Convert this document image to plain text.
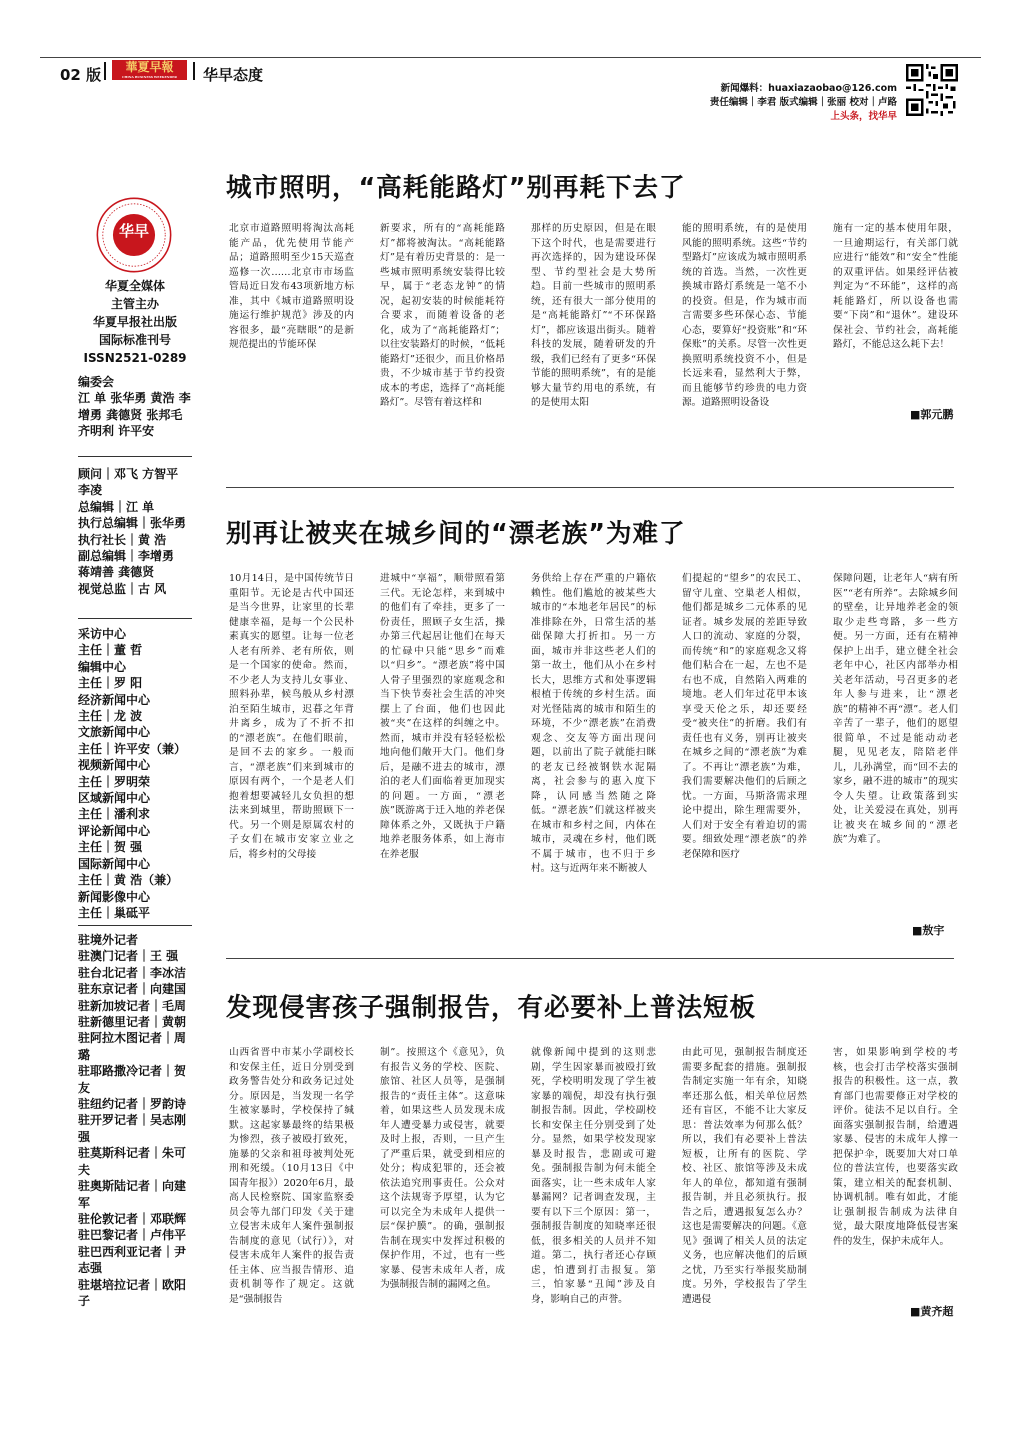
02 版	華夏早報
CHINA BUSINESS WEEKENDER	华早态度
新闻爆料：huaxiazaobao@126.com
责任编辑｜李君 版式编辑｜张丽 校对｜卢路
上头条，找华早
华早
华夏全媒体
主管主办
华夏早报社出版
国际标准刊号
ISSN2521-0289
编委会
江 单 张华勇 黄浩 李增勇 龚德贤 张邦毛 齐明利 许平安
顾问｜邓飞 方智平 李凌
总编辑｜江 单
执行总编辑｜张华勇
执行社长｜黄 浩
副总编辑｜李增勇
蒋靖善 龚德贤
视觉总监｜古 风
采访中心
主任｜董 哲
编辑中心
主任｜罗 阳
经济新闻中心
主任｜龙 波
文旅新闻中心
主任｜许平安（兼）
视频新闻中心
主任｜罗明荣
区域新闻中心
主任｜潘利求
评论新闻中心
主任｜贺 强
国际新闻中心
主任｜黄 浩（兼）
新闻影像中心
主任｜巢砥平
驻境外记者
驻澳门记者｜王 强
驻台北记者｜李冰洁
驻东京记者｜向建国
驻新加坡记者｜毛周
驻新德里记者｜黄朝
驻阿拉木图记者｜周璐
驻耶路撒冷记者｜贺友
驻纽约记者｜罗韵诗
驻开罗记者｜吴志刚强
驻莫斯科记者｜朱可夫
驻奥斯陆记者｜向建军
驻伦敦记者｜邓联辉
驻巴黎记者｜卢伟平
驻巴西利亚记者｜尹志强
驻堪培拉记者｜欧阳子
城市照明，“高耗能路灯”别再耗下去了
北京市道路照明将淘汰高耗能产品，优先使用节能产品；道路照明至少15天巡查巡修一次……北京市市场监管局近日发布43项新地方标准，其中《城市道路照明设施运行维护规范》涉及的内容很多，最“亮瞎眼”的是新规范提出的节能环保
新要求，所有的“高耗能路灯”都将被淘汰。“高耗能路灯”是有着历史背景的：是一些城市照明系统安装得比较早，属于“老态龙钟”的情况，起初安装的时候能耗符合要求，而随着设备的老化，成为了“高耗能路灯”；以往安装路灯的时候，“低耗能路灯”还很少，而且价格昂贵，不少城市基于节约投资成本的考虑，选择了“高耗能路灯”。尽管有着这样和
那样的历史原因，但是在眼下这个时代，也是需要进行再次选择的，因为建设环保型、节约型社会是大势所趋。目前一些城市的照明系统，还有很大一部分使用的是“高耗能路灯”“不环保路灯”，都应该退出街头。随着科技的发展，随着研发的升级，我们已经有了更多“环保节能的照明系统”，有的是能够大量节约用电的系统，有的是使用太阳
能的照明系统，有的是使用风能的照明系统。这些“节约型路灯”应该成为城市照明系统的首选。当然，一次性更换城市路灯系统是一笔不小的投资。但是，作为城市而言需要多些环保心态、节能心态，要算好“投资账”和“环保账”的关系。尽管一次性更换照明系统投资不小，但是长远来看，显然利大于弊，而且能够节约珍贵的电力资源。道路照明设备设
施有一定的基本使用年限，一旦逾期运行，有关部门就应进行“能效”和“安全”性能的双重评估。如果经评估被判定为“不环能”，这样的高耗能路灯，所以设备也需要“下岗”和“退休”。建设环保社会、节约社会，高耗能路灯，不能总这么耗下去！
■郭元鹏
别再让被夹在城乡间的“漂老族”为难了
10月14日，是中国传统节日重阳节。无论是古代中国还是当今世界，让家里的长辈健康幸福，是每一个公民朴素真实的愿望。让每一位老人老有所养、老有所依，则是一个国家的使命。然而，不少老人为支持儿女事业、照料孙辈，候鸟般从乡村漂泊至陌生城市，迟暮之年背井离乡，成为了不折不扣的“漂老族”。在他们眼前，是回不去的家乡。一般而言，“漂老族”们来到城市的原因有两个，一个是老人们抱着想要减轻儿女负担的想法来到城里，帮助照顾下一代。另一个则是原属农村的子女们在城市安家立业之后，将乡村的父母接
进城中“享福”，顺带照看第三代。无论怎样，来到城中的他们有了牵挂，更多了一份责任，照顾子女生活，操办第三代起居让他们在每天的忙碌中只能“思乡”而难以“归乡”。“漂老族”将中国人骨子里强烈的家庭观念和当下快节奏社会生活的冲突摆上了台面，他们也因此被“夹”在这样的纠缠之中。然而，城市并没有轻轻松松地向他们敞开大门。他们身后，是融不进去的城市，漂泊的老人们面临着更加现实的问题。一方面，“漂老族”既游离于迁入地的养老保障体系之外，又既执于户籍地养老服务体系，如上海市在养老服
务供给上存在严重的户籍依赖性。他们尴尬的被某些大城市的“本地老年居民”的标准排除在外，日常生活的基础保障大打折扣。另一方面，城市并非这些老人们的第一故土，他们从小在乡村长大，思维方式和处事逻辑根植于传统的乡村生活。面对光怪陆离的城市和陌生的环境，不少“漂老族”在消费观念、交友等方面出现问题，以前出了院子就能扫眯的老友已经被钢铁水泥隔离，社会参与的惠入度下降，认同感当然随之降低。“漂老族”们就这样被夹在城市和乡村之间，内体在城市，灵魂在乡村，他们既不属于城市，也不归于乡村。这与近两年来不断被人
们提起的“望乡”的农民工、留守儿童、空巢老人相似，他们都是城乡二元体系的见证者。城乡发展的差距导致人口的流动、家庭的分裂，而传统“和”的家庭观念又将他们粘合在一起，左也不是右也不成，自然陷入两难的境地。老人们年过花甲本该享受天伦之乐，却还要经受“被夹住”的折磨。我们有责任也有义务，别再让被夹在城乡之间的“漂老族”为难了。不再让“漂老族”为难，我们需要解决他们的后顾之忧。一方面，马斯洛需求理论中提出，除生理需要外，人们对于安全有着迫切的需要。细致处理“漂老族”的养老保障和医疗
保障问题，让老年人“病有所医”“老有所养”。去除城乡间的壁垒，让异地养老金的领取少走些弯路，多一些方便。另一方面，还有在精神保护上出手，建立健全社会老年中心，社区内部举办相关老年活动，号召更多的老年人参与进来，让“漂老族”的精神不再“漂”。老人们辛苦了一辈子，他们的愿望很简单，不过是能动动老腿，见见老友，陪陪老伴儿，儿孙满堂，而“回不去的家乡，融不进的城市”的现实令人失望。让政策落到实处，让关爱浸在真处，别再让被夹在城乡间的“漂老族”为难了。
■敖宇
发现侵害孩子强制报告，有必要补上普法短板
山西省晋中市某小学副校长和安保主任，近日分别受到政务警告处分和政务记过处分。原因是，当发现一名学生被家暴时，学校保持了缄默。这起家暴最终的结果极为惨烈，孩子被殴打致死，施暴的父亲和祖母被判处死刑和死缓。（10月13日《中国青年报》）2020年6月，最高人民检察院、国家监察委员会等九部门印发《关于建立侵害未成年人案件强制报告制度的意见（试行）》，对侵害未成年人案件的报告责任主体、应当报告情形、追责机制等作了规定。这就是“强制报告
制”。按照这个《意见》，负有报告义务的学校、医院、旅馆、社区人员等，是强制报告的“责任主体”。这意味着，如果这些人员发现未成年人遭受暴力或侵害，就要及时上报，否则，一旦产生了严重后果，就受到相应的处分；构成犯罪的，还会被依法追究刑事责任。公众对这个法规寄予厚望，认为它可以完全为未成年人提供一层“保护膜”。的确，强制报告制在现实中发挥过积极的保护作用，不过，也有一些家暴、侵害未成年人者，成为强制报告制的漏网之鱼。
就像新闻中提到的这则悲剧，学生因家暴而被殴打致死，学校明明发现了学生被家暴的端倪，却没有执行强制报告制。因此，学校副校长和安保主任分别受到了处分。显然，如果学校发现家暴及时报告，悲剧或可避免。强制报告制为何未能全面落实，让一些未成年人家暴漏网？记者调查发现，主要有以下三个原因：第一，强制报告制度的知晓率还很低，很多相关的人员并不知道。第二，执行者还心存顾虑，怕遭到打击报复。第三，怕家暴“丑闻”涉及自身，影响自己的声誉。
由此可见，强制报告制度还需要多配套的措施。强制报告制定实施一年有余，知晓率还那么低，相关单位居然还有盲区，不能不让大家反思：普法效率为何那么低？所以，我们有必要补上普法短板，让所有的医院、学校、社区、旅馆等涉及未成年人的单位，都知道有强制报告制，并且必须执行。报告之后，遭遇报复怎么办？这也是需要解决的问题。《意见》强调了相关人员的法定义务，也应解决他们的后顾之忧，乃至实行举报奖励制度。另外，学校报告了学生遭遇侵
害，如果影响到学校的考核，也会打击学校落实强制报告的积极性。这一点，教育部门也需要修正对学校的评价。徒法不足以自行。全面落实强制报告制，给遭遇家暴、侵害的未成年人撑一把保护伞，既要加大对口单位的普法宣传，也要落实政策，建立相关的配套机制、协调机制。唯有如此，才能让强制报告制成为法律自觉，最大限度地降低侵害案件的发生，保护未成年人。
■黄齐超
